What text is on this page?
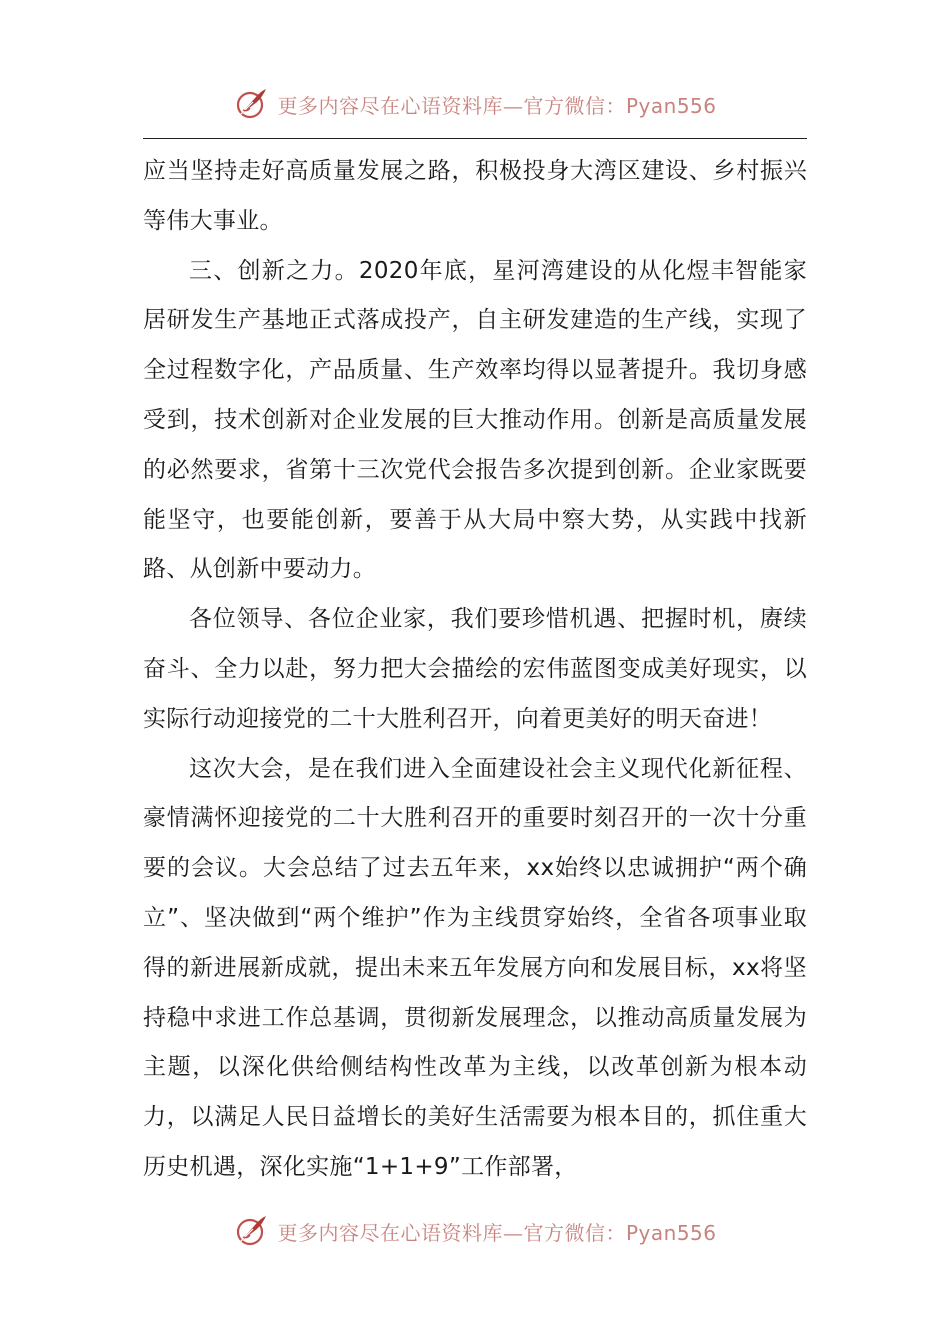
更多内容尽在心语资料库—官方微信：Pyan556

应当坚持走好高质量发展之路，积极投身大湾区建设、乡村振兴等伟大事业。

三、创新之力。2020年底，星河湾建设的从化煜丰智能家居研发生产基地正式落成投产，自主研发建造的生产线，实现了全过程数字化，产品质量、生产效率均得以显著提升。我切身感受到，技术创新对企业发展的巨大推动作用。创新是高质量发展的必然要求，省第十三次党代会报告多次提到创新。企业家既要能坚守，也要能创新，要善于从大局中察大势，从实践中找新路、从创新中要动力。

各位领导、各位企业家，我们要珍惜机遇、把握时机，赓续奋斗、全力以赴，努力把大会描绘的宏伟蓝图变成美好现实，以实际行动迎接党的二十大胜利召开，向着更美好的明天奋进！

这次大会，是在我们进入全面建设社会主义现代化新征程、豪情满怀迎接党的二十大胜利召开的重要时刻召开的一次十分重要的会议。大会总结了过去五年来，xx始终以忠诚拥护“两个确立”、坚决做到“两个维护”作为主线贯穿始终，全省各项事业取得的新进展新成就，提出未来五年发展方向和发展目标，xx将坚持稳中求进工作总基调，贯彻新发展理念，以推动高质量发展为主题，以深化供给侧结构性改革为主线，以改革创新为根本动力，以满足人民日益增长的美好生活需要为根本目的，抓住重大历史机遇，深化实施“1+1+9”工作部署，

更多内容尽在心语资料库—官方微信：Pyan556
